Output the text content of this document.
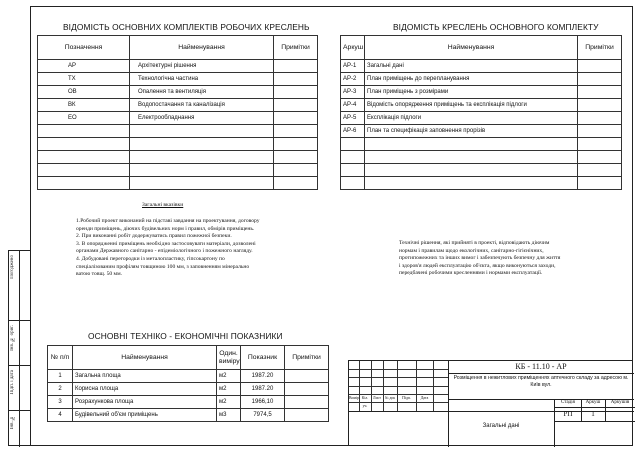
Погоджено
Інв. № ориг.
Підп. і дата
Інв. №
ВІДОМІСТЬ ОСНОВНИХ КОМПЛЕКТІВ РОБОЧИХ КРЕСЛЕНЬ
Позначення	Найменування	Примітки
АР	Архітектурні рішення	
ТХ	Технологічна частина	
ОВ	Опалення та вентиляція	
ВК	Водопостачання та каналізація	
ЕО	Електрообладнання	

ВІДОМІСТЬ КРЕСЛЕНЬ ОСНОВНОГО КОМПЛЕКТУ
Аркуш	Найменування	Примітки
АР-1	Загальні дані	
АР-2	План приміщень до перепланування	
АР-3	План приміщень з розмірами	
АР-4	Відомість опорядження приміщень та експлікація підлоги	
АР-5	Експлікація підлоги	
АР-6	План та специфікація заповнення прорізів	

Загальні вказівки
1.Робочий проект виконаний на підставі завдання на проектування, договору
оренди приміщень, діючих будівельних норм і правил, обмірів приміщень.
2. При виконанні робіт додержуватись правил пожежної безпеки.
3. В опорядженні приміщень необхідно застосовувати матеріали, дозволені
органами Державного санітарно - епідеміологічного і пожежного нагляду.
4. Добудовані перегородки із металопластику, гіпсокартону по
спеціалізованим профілям товщиною 100 мм, з заповненням мінерально
ватою товщ. 50 мм.
Технічні рішення, які прийняті в проекті, відповідають діючим
нормам і правилам щодо екологічних, санітарно-гігієнічних,
протипожежних та інших вимог і забезпечують безпечну для життя
і здоров'я людей експлуатацію об'єкта, якщо виконуються заходи,
передбачені робочими кресленнями і нормами експлуатації.
ОСНОВНІ ТЕХНІКО - ЕКОНОМІЧНІ ПОКАЗНИКИ
№ п/п	Найменування	Один. виміру	Показник	Примітки
1	Загальна площа	м2	1987.20	
2	Корисна площа	м2	1987.20	
3	Розрахункова площа	м2	1966,10	
4	Будівельний об'єм приміщень	м3	7974,5	
Вимір. Кіл. уч.
Лист	№ док	Підп.	Дата
КБ - 11.10 - АР
Розміщення в нежитлових приміщеннях аптечного складу за адресою м. Київ вул.
Стадія	Аркуш	Аркушів
РП	1
Загальні дані
